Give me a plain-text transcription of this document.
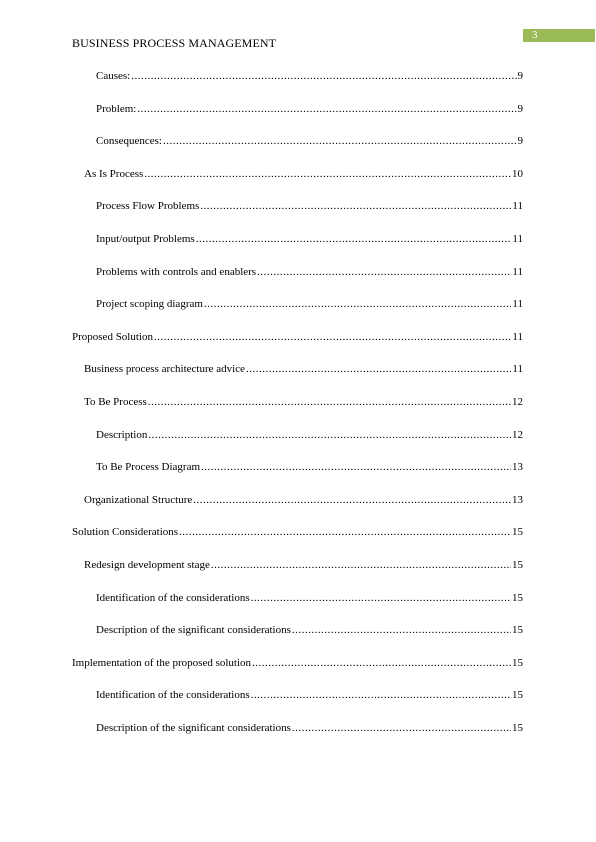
3
BUSINESS PROCESS MANAGEMENT
Causes: .....	9
Problem: .....	9
Consequences: .....	9
As Is Process .....	10
Process Flow Problems .....	11
Input/output Problems .....	11
Problems with controls and enablers .....	11
Project scoping diagram .....	11
Proposed Solution .....	11
Business process architecture advice .....	11
To Be Process .....	12
Description .....	12
To Be Process Diagram .....	13
Organizational Structure .....	13
Solution Considerations .....	15
Redesign development stage .....	15
Identification of the considerations .....	15
Description of the significant considerations .....	15
Implementation of the proposed solution .....	15
Identification of the considerations .....	15
Description of the significant considerations .....	15
